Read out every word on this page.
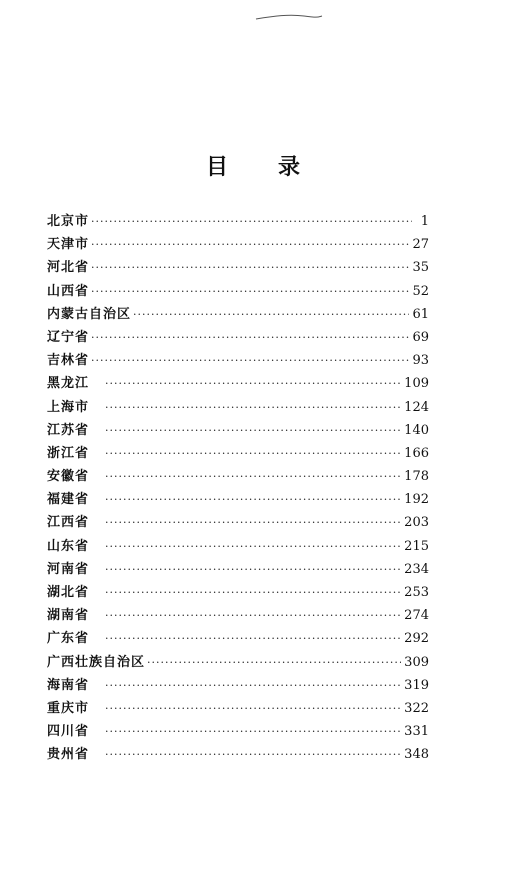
目 录
北京市 ·····	1
天津市 ·····	27
河北省 ·····	35
山西省 ·····	52
内蒙古自治区 ·····	61
辽宁省 ·····	69
吉林省 ·····	93
黑龙江 ·····	109
上海市 ·····	124
江苏省 ·····	140
浙江省 ·····	166
安徽省 ·····	178
福建省 ·····	192
江西省 ·····	203
山东省 ·····	215
河南省 ·····	234
湖北省 ·····	253
湖南省 ·····	274
广东省 ·····	292
广西壮族自治区 ·····	309
海南省 ·····	319
重庆市 ·····	322
四川省 ·····	331
贵州省 ·····	348
